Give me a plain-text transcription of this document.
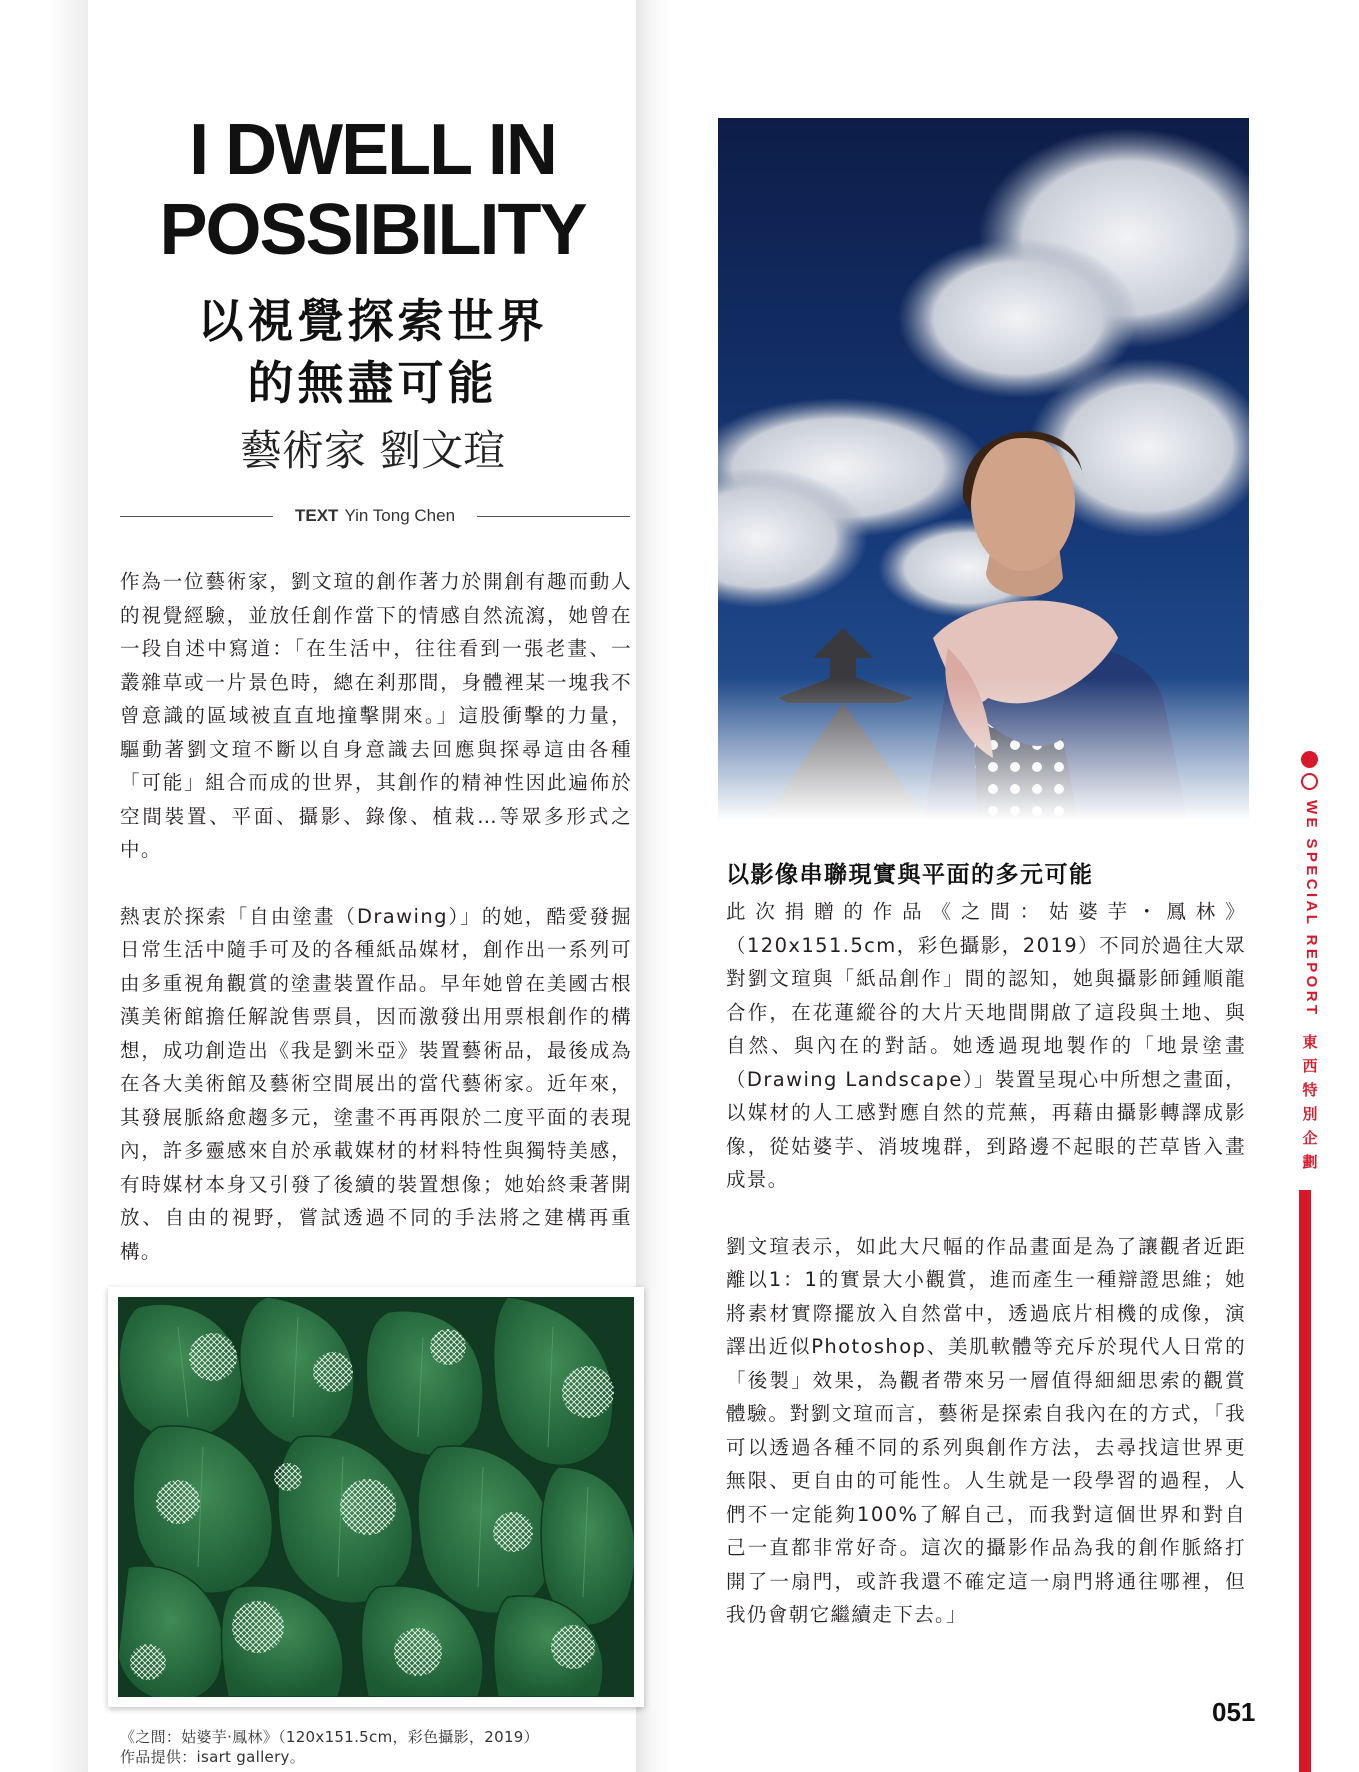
I DWELL IN
POSSIBILITY
以視覺探索世界
的無盡可能
藝術家 劉文瑄
TEXT Yin Tong Chen

作為一位藝術家，劉文瑄的創作著力於開創有趣而動人的視覺經驗，並放任創作當下的情感自然流瀉，她曾在一段自述中寫道：「在生活中，往往看到一張老畫、一叢雜草或一片景色時，總在剎那間，身體裡某一塊我不曾意識的區域被直直地撞擊開來。」這股衝擊的力量，驅動著劉文瑄不斷以自身意識去回應與探尋這由各種「可能」組合而成的世界，其創作的精神性因此遍佈於空間裝置、平面、攝影、錄像、植栽…等眾多形式之中。

熱衷於探索「自由塗畫（Drawing）」的她，酷愛發掘日常生活中隨手可及的各種紙品媒材，創作出一系列可由多重視角觀賞的塗畫裝置作品。早年她曾在美國古根漢美術館擔任解說售票員，因而激發出用票根創作的構想，成功創造出《我是劉米亞》裝置藝術品，最後成為在各大美術館及藝術空間展出的當代藝術家。近年來，其發展脈絡愈趨多元，塗畫不再再限於二度平面的表現內，許多靈感來自於承載媒材的材料特性與獨特美感，有時媒材本身又引發了後續的裝置想像；她始終秉著開放、自由的視野，嘗試透過不同的手法將之建構再重構。

《之間：姑婆芋‧鳳林》（120x151.5cm，彩色攝影，2019）
作品提供：isart gallery。
以影像串聯現實與平面的多元可能

此次捐贈的作品《之間：姑婆芋・鳳林》（120x151.5cm，彩色攝影，2019）不同於過往大眾對劉文瑄與「紙品創作」間的認知，她與攝影師鍾順龍合作，在花蓮縱谷的大片天地間開啟了這段與土地、與自然、與內在的對話。她透過現地製作的「地景塗畫（Drawing Landscape）」裝置呈現心中所想之畫面，以媒材的人工感對應自然的荒蕪，再藉由攝影轉譯成影像，從姑婆芋、消坡塊群，到路邊不起眼的芒草皆入畫成景。

劉文瑄表示，如此大尺幅的作品畫面是為了讓觀者近距離以1：1的實景大小觀賞，進而產生一種辯證思維；她將素材實際擺放入自然當中，透過底片相機的成像，演譯出近似Photoshop、美肌軟體等充斥於現代人日常的「後製」效果，為觀者帶來另一層值得細細思索的觀賞體驗。對劉文瑄而言，藝術是探索自我內在的方式，「我可以透過各種不同的系列與創作方法，去尋找這世界更無限、更自由的可能性。人生就是一段學習的過程，人們不一定能夠100%了解自己，而我對這個世界和對自己一直都非常好奇。這次的攝影作品為我的創作脈絡打開了一扇門，或許我還不確定這一扇門將通往哪裡，但我仍會朝它繼續走下去。」

051
WE SPECIAL REPORT
東
西
特
別
企
劃
